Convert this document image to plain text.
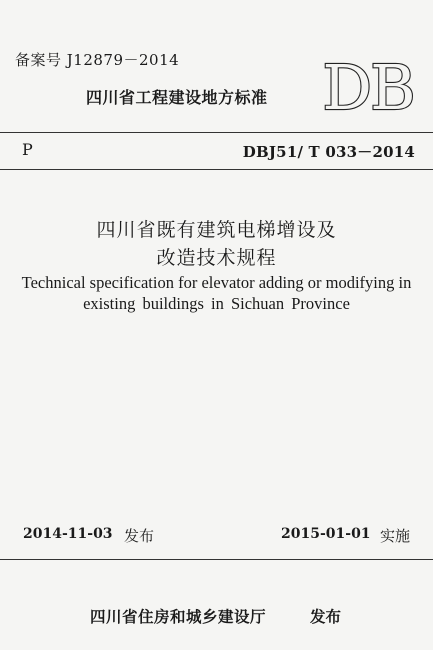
备案号 J12879－2014
四川省工程建设地方标准 DB
P	DBJ51/ T 033－2014
四川省既有建筑电梯增设及
改造技术规程
Technical specification for elevator adding or modifying in
existing buildings in Sichuan Province
2014-11-03 发布	2015-01-01 实施
四川省住房和城乡建设厅	发布
